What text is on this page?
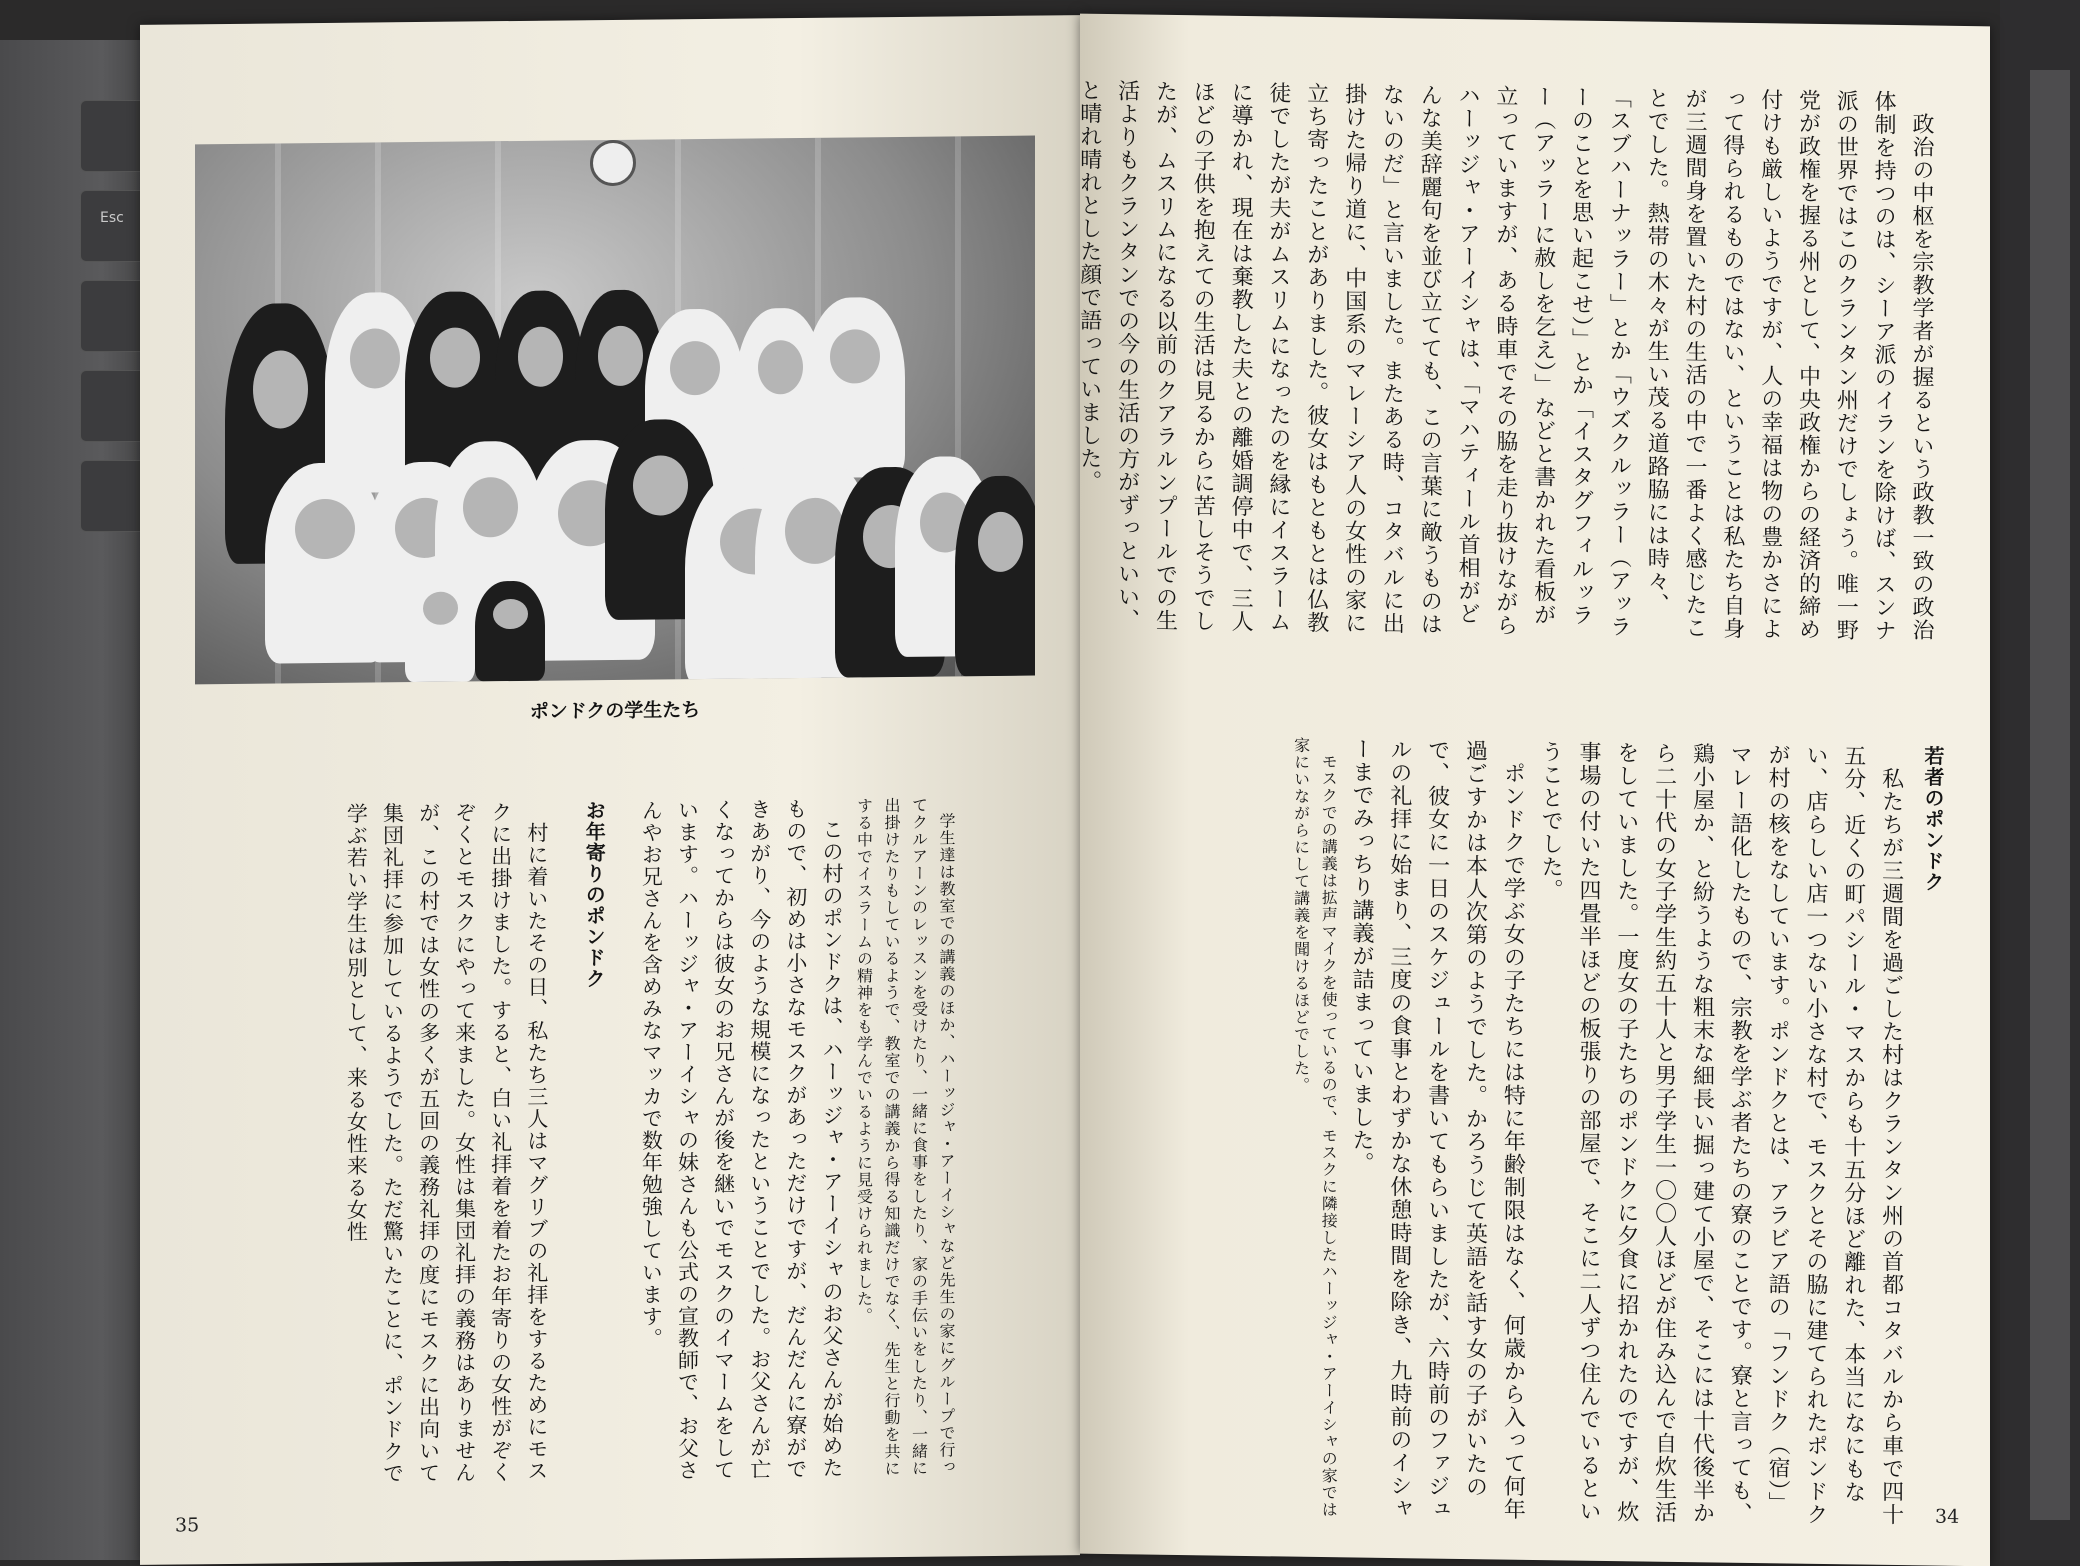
Esc
ポンドクの学生たち

学生達は教室での講義のほか、ハーッジャ・アーイシャなど先生の家にグループで行ってクルアーンのレッスンを受けたり、一緒に食事をしたり、家の手伝いをしたり、一緒に出掛けたりもしているようで、教室での講義から得る知識だけでなく、先生と行動を共にする中でイスラームの精神をも学んでいるように見受けられました。

この村のポンドクは、ハーッジャ・アーイシャのお父さんが始めたもので、初めは小さなモスクがあっただけですが、だんだんに寮ができあがり、今のような規模になったということでした。お父さんが亡くなってからは彼女のお兄さんが後を継いでモスクのイマームをしています。ハーッジャ・アーイシャの妹さんも公式の宣教師で、お父さんやお兄さんを含めみなマッカで数年勉強しています。

お年寄りのポンドク

村に着いたその日、私たち三人はマグリブの礼拝をするためにモスクに出掛けました。すると、白い礼拝着を着たお年寄りの女性がぞくぞくとモスクにやって来ました。女性は集団礼拝の義務はありませんが、この村では女性の多くが五回の義務礼拝の度にモスクに出向いて集団礼拝に参加しているようでした。ただ驚いたことに、ポンドクで学ぶ若い学生は別として、来る女性来る女性

35

政治の中枢を宗教学者が握るという政教一致の政治体制を持つのは、シーア派のイランを除けば、スンナ派の世界ではこのクランタン州だけでしょう。唯一野党が政権を握る州として、中央政権からの経済的締め付けも厳しいようですが、人の幸福は物の豊かさによって得られるものではない、ということは私たち自身が三週間身を置いた村の生活の中で一番よく感じたことでした。熱帯の木々が生い茂る道路脇には時々、「スブハーナッラー」とか「ウズクルッラー（アッラーのことを思い起こせ）」とか「イスタグフィルッラー（アッラーに赦しを乞え）」などと書かれた看板が立っていますが、ある時車でその脇を走り抜けながらハーッジャ・アーイシャは、「マハティール首相がどんな美辞麗句を並び立てても、この言葉に敵うものはないのだ」と言いました。またある時、コタバルに出掛けた帰り道に、中国系のマレーシア人の女性の家に立ち寄ったことがありました。彼女はもともとは仏教徒でしたが夫がムスリムになったのを縁にイスラームに導かれ、現在は棄教した夫との離婚調停中で、三人ほどの子供を抱えての生活は見るからに苦しそうでしたが、ムスリムになる以前のクアラルンプールでの生活よりもクランタンでの今の生活の方がずっといい、と晴れ晴れとした顔で語っていました。

若者のポンドク

私たちが三週間を過ごした村はクランタン州の首都コタバルから車で四十五分、近くの町パシール・マスからも十五分ほど離れた、本当になにもない、店らしい店一つない小さな村で、モスクとその脇に建てられたポンドクが村の核をなしています。ポンドクとは、アラビア語の「フンドク（宿）」マレー語化したもので、宗教を学ぶ者たちの寮のことです。寮と言っても、鶏小屋か、と紛うような粗末な細長い掘っ建て小屋で、そこには十代後半から二十代の女子学生約五十人と男子学生一〇〇人ほどが住み込んで自炊生活をしていました。一度女の子たちのポンドクに夕食に招かれたのですが、炊事場の付いた四畳半ほどの板張りの部屋で、そこに二人ずつ住んでいるということでした。

ポンドクで学ぶ女の子たちには特に年齢制限はなく、何歳から入って何年過ごすかは本人次第のようでした。かろうじて英語を話す女の子がいたので、彼女に一日のスケジュールを書いてもらいましたが、六時前のファジュルの礼拝に始まり、三度の食事とわずかな休憩時間を除き、九時前のイシャーまでみっちり講義が詰まっていました。

モスクでの講義は拡声マイクを使っているので、モスクに隣接したハーッジャ・アーイシャの家では家にいながらにして講義を聞けるほどでした。

34
